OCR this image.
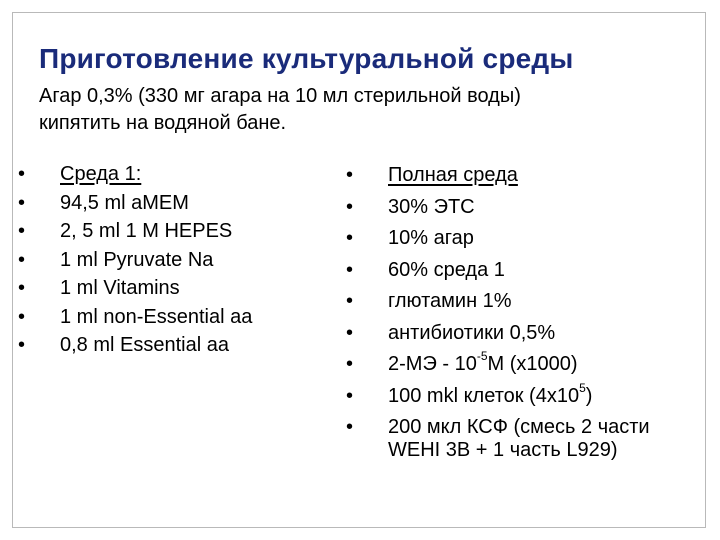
Приготовление культуральной среды
Агар 0,3% (330 мг агара на 10 мл стерильной воды)
кипятить на водяной бане.
• Среда 1:
• 94,5 ml aMEM
• 2, 5 ml 1 M HEPES
• 1 ml Pyruvate Na
• 1 ml Vitamins
• 1 ml non-Essential aa
• 0,8 ml Essential aa
• Полная среда
• 30% ЭТС
• 10% агар
• 60% среда 1
• глютамин 1%
• антибиотики 0,5%
• $2-МЭ - 10^{-5}М$ (х1000)
• 100 mkl клеток $(4х10^5)$
• 200 мкл КСФ (смесь 2 части WEHI 3B + 1 часть L929)
